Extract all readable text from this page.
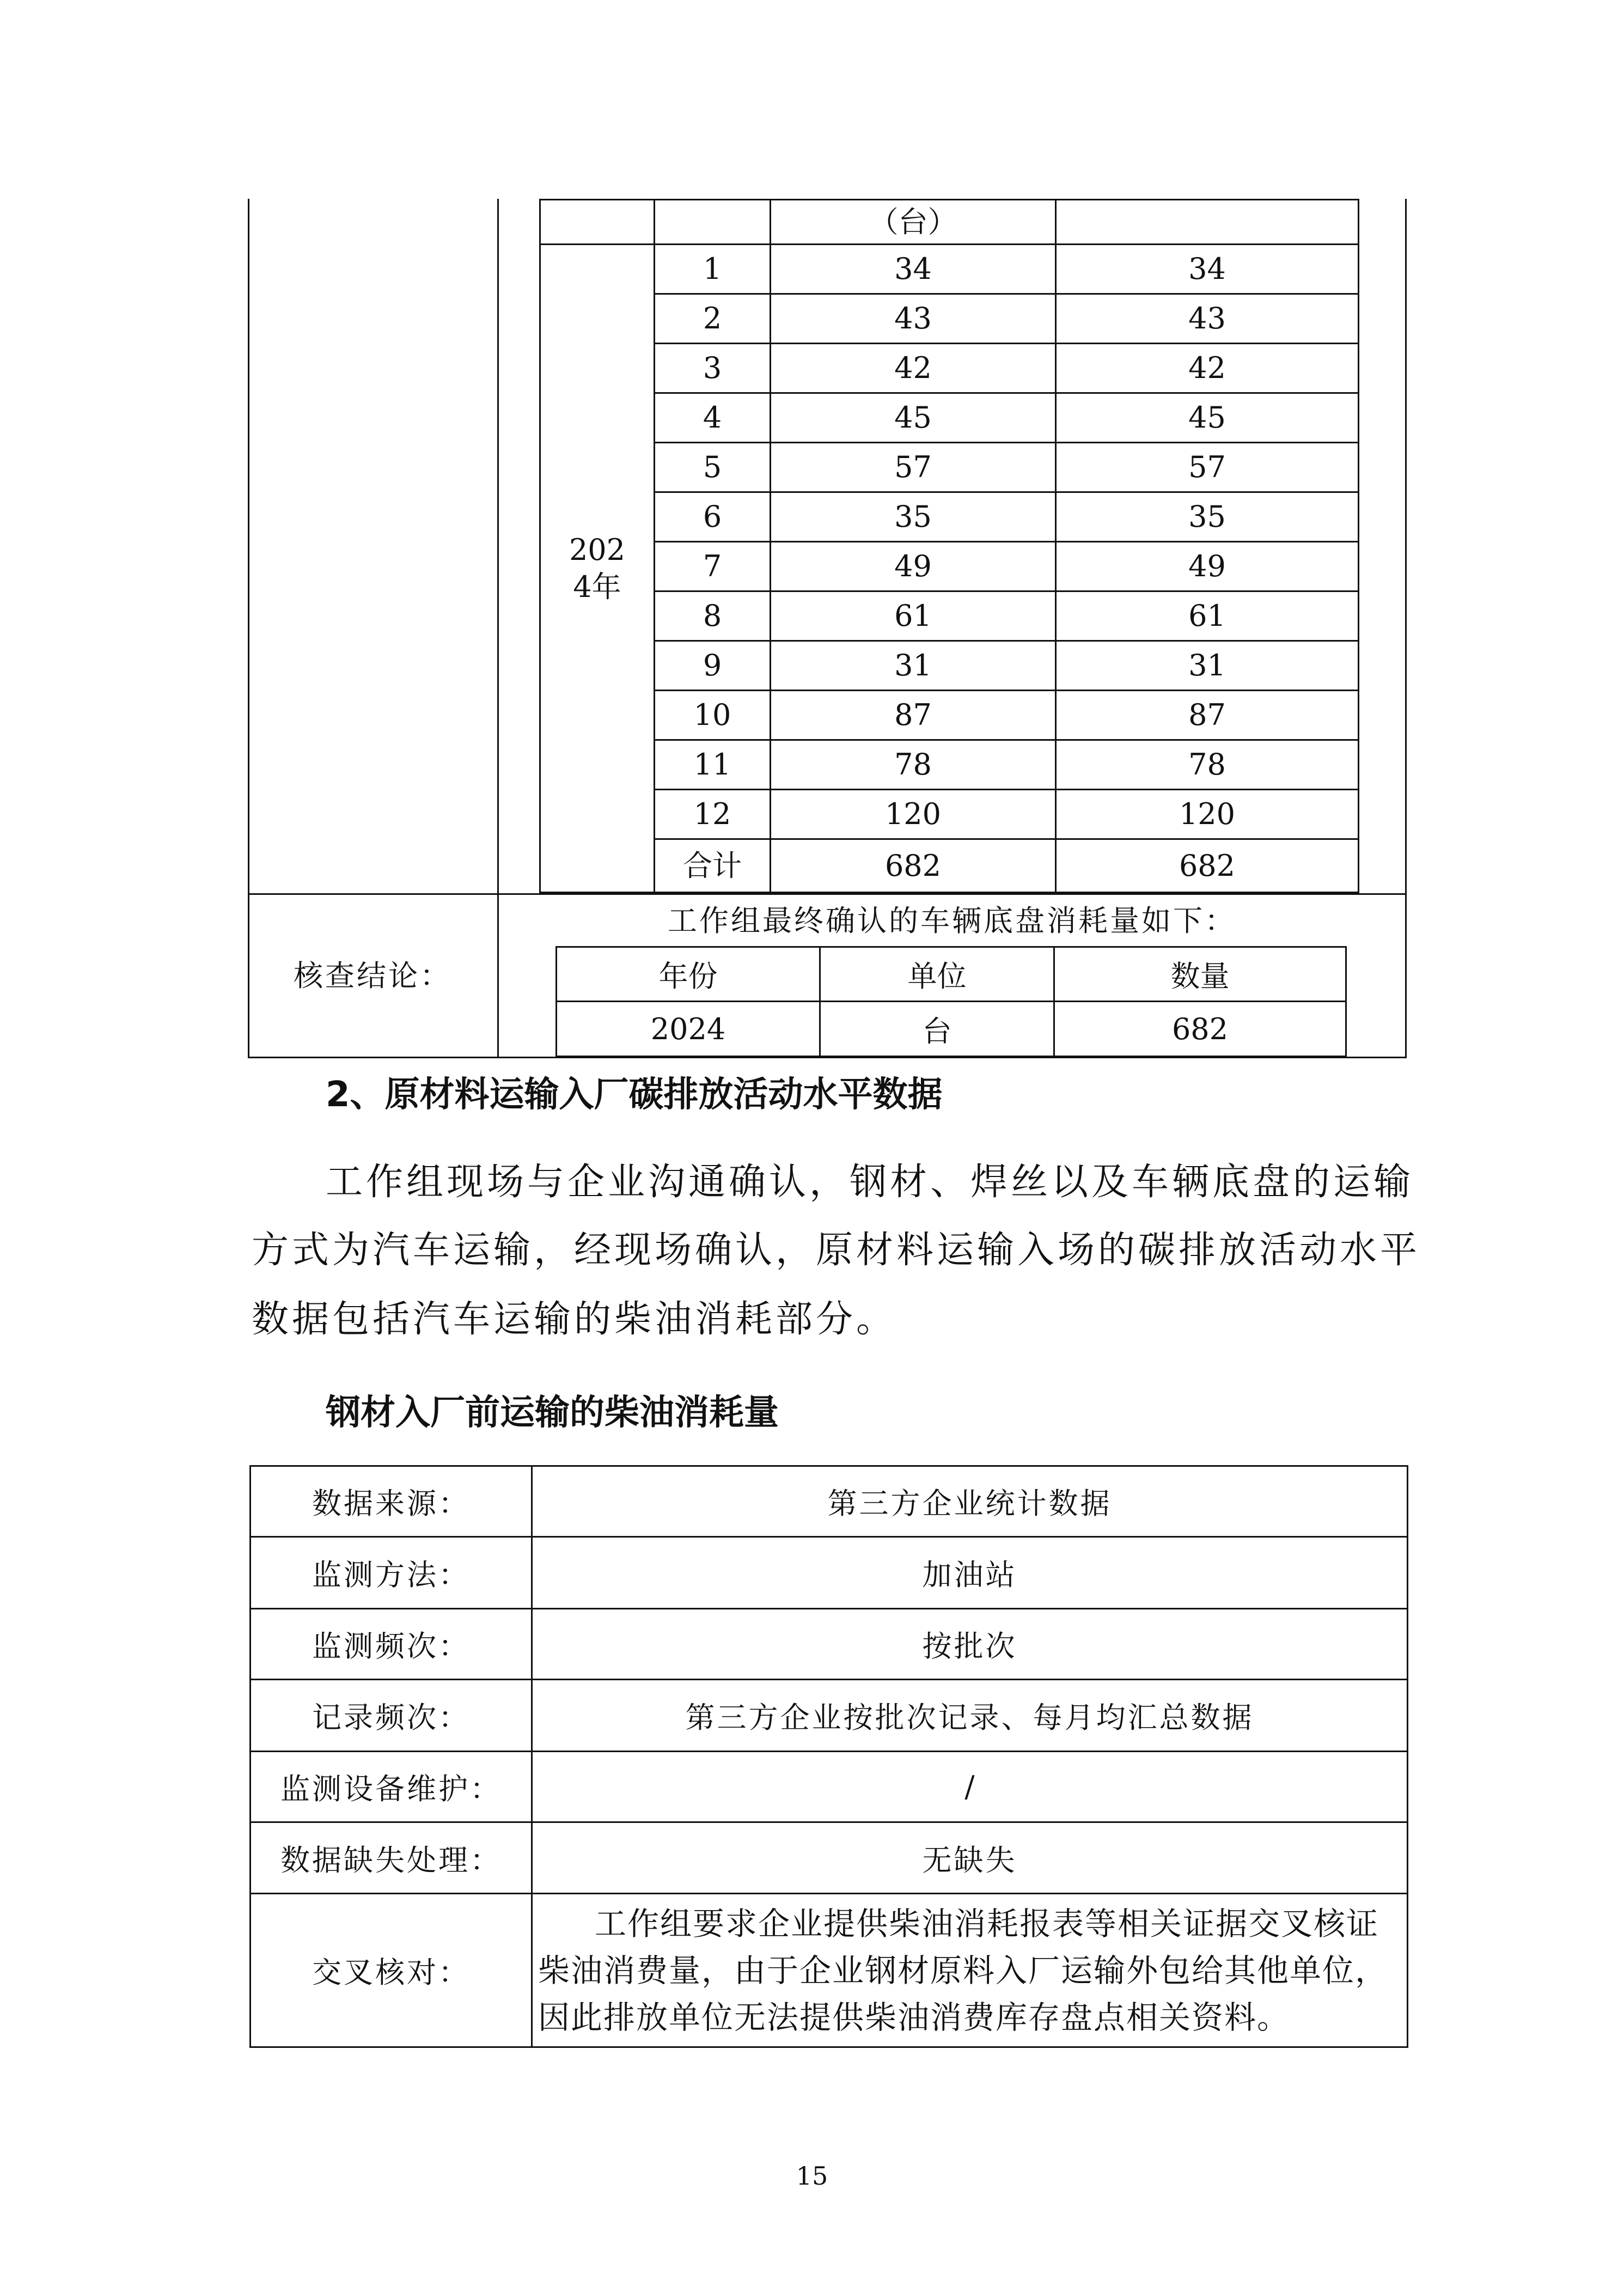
（台）
2024年
1	34	34
2	43	43
3	42	42
4	45	45
5	57	57
6	35	35
7	49	49
8	61	61
9	31	31
10	87	87
11	78	78
12	120	120
合计	682	682
核查结论：
工作组最终确认的车辆底盘消耗量如下：
年份	单位	数量
2024	台	682
2、原材料运输入厂碳排放活动水平数据
工作组现场与企业沟通确认，钢材、焊丝以及车辆底盘的运输
方式为汽车运输，经现场确认，原材料运输入场的碳排放活动水平
数据包括汽车运输的柴油消耗部分。
钢材入厂前运输的柴油消耗量
数据来源：	第三方企业统计数据
监测方法：	加油站
监测频次：	按批次
记录频次：	第三方企业按批次记录、每月均汇总数据
监测设备维护：	/
数据缺失处理：	无缺失
交叉核对：	工作组要求企业提供柴油消耗报表等相关证据交叉核证
柴油消费量，由于企业钢材原料入厂运输外包给其他单位，
因此排放单位无法提供柴油消费库存盘点相关资料。
15
